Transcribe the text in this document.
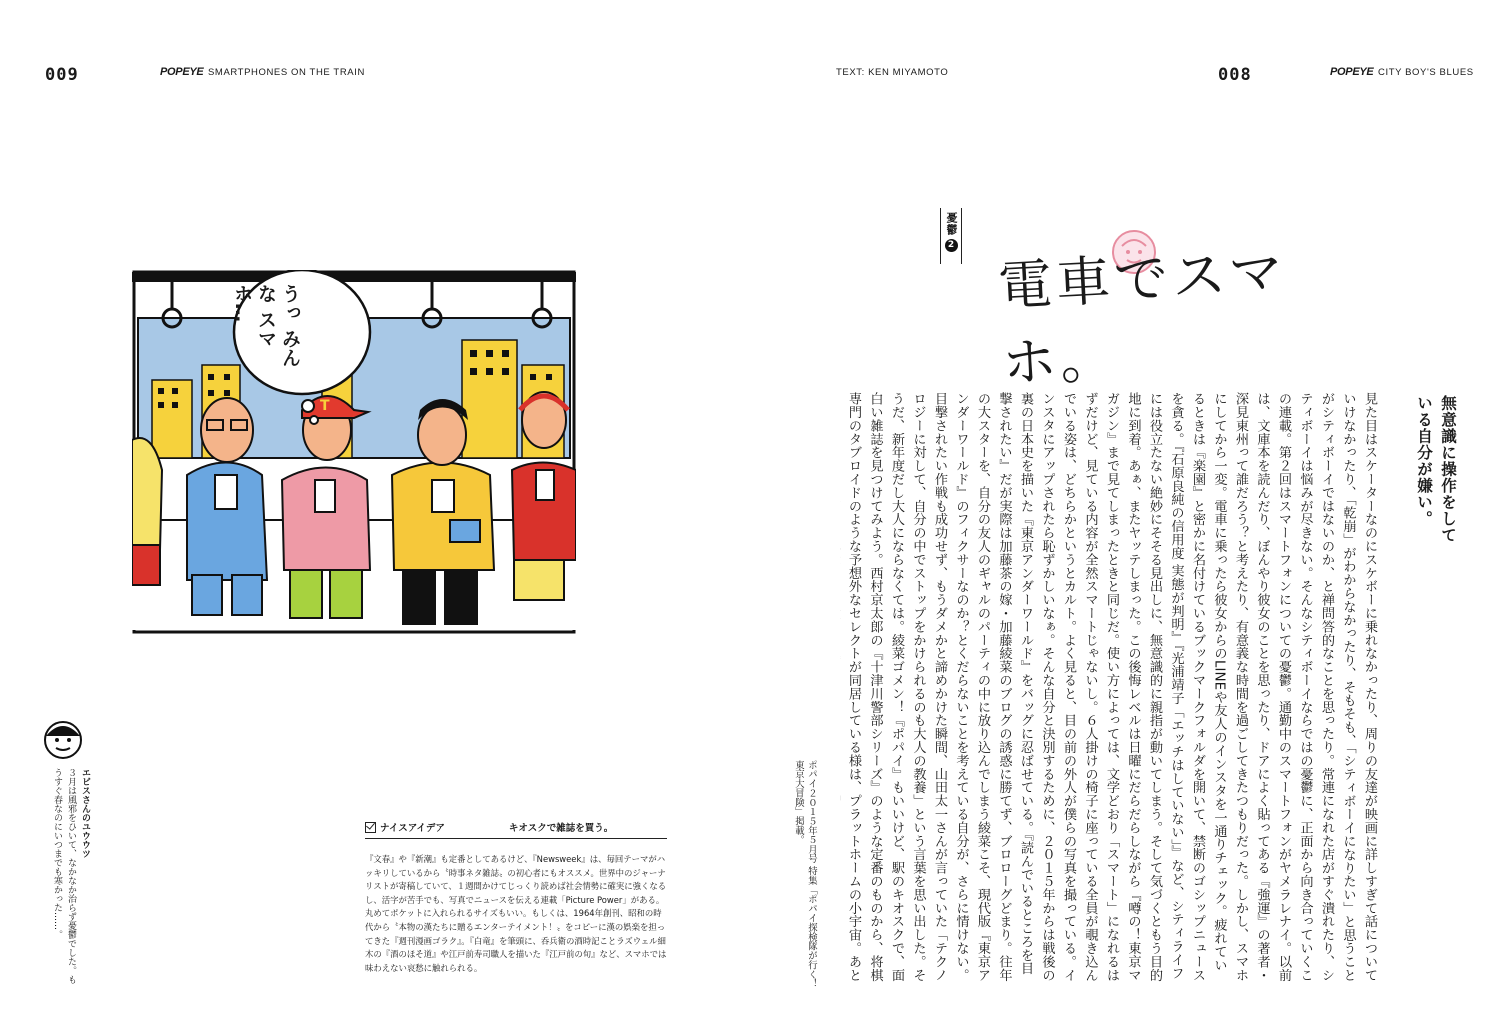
009	POPEYE SMARTPHONES ON THE TRAIN	TEXT: KEN MIYAMOTO	008	POPEYE CITY BOY'S BLUES
T
うっ みんな スマホ…
エビスさんのユウウツ
３月は風邪をひいて、なかなか治らず憂鬱でした。もうすぐ春なのにいつまでも寒かった……。	ナイスアイデア	キオスクで雑誌を買う。
『文春』や『新潮』も定番としてあるけど、『Newsweek』は、毎回テーマがハッキリしているから〝時事ネタ雑誌〟の初心者にもオススメ。世界中のジャーナリストが寄稿していて、１週間かけてじっくり読めば社会情勢に確実に強くなるし、活字が苦手でも、写真でニュースを伝える連載「Picture Power」がある。丸めてポケットに入れられるサイズもいい。もしくは、1964年創刊、昭和の時代から〝本物の漢たちに贈るエンターテイメント！〟をコピーに漢の娯楽を担ってきた『週刊漫画ゴラク』。『白竜』を筆頭に、呑兵衛の酒時記ことラズウェル細木の『酒のほそ道』や江戸前寿司職人を描いた『江戸前の旬』など、スマホでは味わえない哀愁に触れられる。	ポパイ２０１５年５月号 特集「ポパイ探検隊が行く！東京大冒険」掲載。
憂鬱
2 電車でスマホ。
無意識に操作をしている自分が嫌い。
見た目はスケーターなのにスケボーに乗れなかったり、周りの友達が映画に詳しすぎて話についていけなかったり、「乾崩」がわからなかったり、そもそも、「シティボーイになりたい」と思うことがシティボーイではないのか、と禅問答的なことを思ったり。常連になれた店がすぐ潰れたり、シティボーイは悩みが尽きない。そんなシティボーイならではの憂鬱に、正面から向き合っていくこの連載。第２回はスマートフォンについての憂鬱。通勤中のスマートフォンがヤメラレナイ。以前は、文庫本を読んだり、ぼんやり彼女のことを思ったり、ドアによく貼ってある『強運』の著者・深見東州って誰だろう？と考えたり、有意義な時間を過ごしてきたつもりだった。しかし、スマホにしてから一変。電車に乗ったら彼女からのLINEや友人のインスタを一通りチェック。疲れているときは『楽園』と密かに名付けているブックマークフォルダを開いて、禁断のゴシップニュースを貪る。『石原良純の信用度 実態が判明』『光浦靖子「エッチはしていない」』など、シティライフには役立たない絶妙にそそる見出しに、無意識的に親指が動いてしまう。そして気づくともう目的地に到着。あぁ、またヤッテしまった。この後悔レベルは日曜にだらだらしながら『噂の！東京マガジン』まで見てしまったときと同じだ。使い方によっては、文学どおり「スマート」になれるはずだけど、見ている内容が全然スマートじゃないし。６人掛けの椅子に座っている全員が覗き込んでいる姿は、どちらかというとカルト。よく見ると、目の前の外人が僕らの写真を撮っている。インスタにアップされたら恥ずかしいなぁ。そんな自分と決別するために、２０１５年からは戦後の裏の日本史を描いた『東京アンダーワールド』をバッグに忍ばせている。『読んでいるところを目撃されたい』だが実際は加藤茶の嫁・加藤綾菜のブログの誘惑に勝てず、ブロローグどまり。往年の大スターを、自分の友人のギャルのパーティの中に放り込んでしまう綾菜こそ、現代版『東京アンダーワールド』のフィクサーなのか？とくだらないことを考えている自分が、さらに情けない。目撃されたい作戦も成功せず、もうダメかと諦めかけた瞬間、山田太一さんが言っていた「テクノロジーに対して、自分の中でストップをかけられるのも大人の教養」という言葉を思い出した。そうだ、新年度だし大人にならなくては。綾菜ゴメン！『ポパイ』もいいけど、駅のキオスクで、面白い雑誌を見つけてみよう。西村京太郎の『十津川警部シリーズ』のような定番のものから、将棋専門のタブロイドのような予想外なセレクトが同居している様は、プラットホームの小宇宙。あと
